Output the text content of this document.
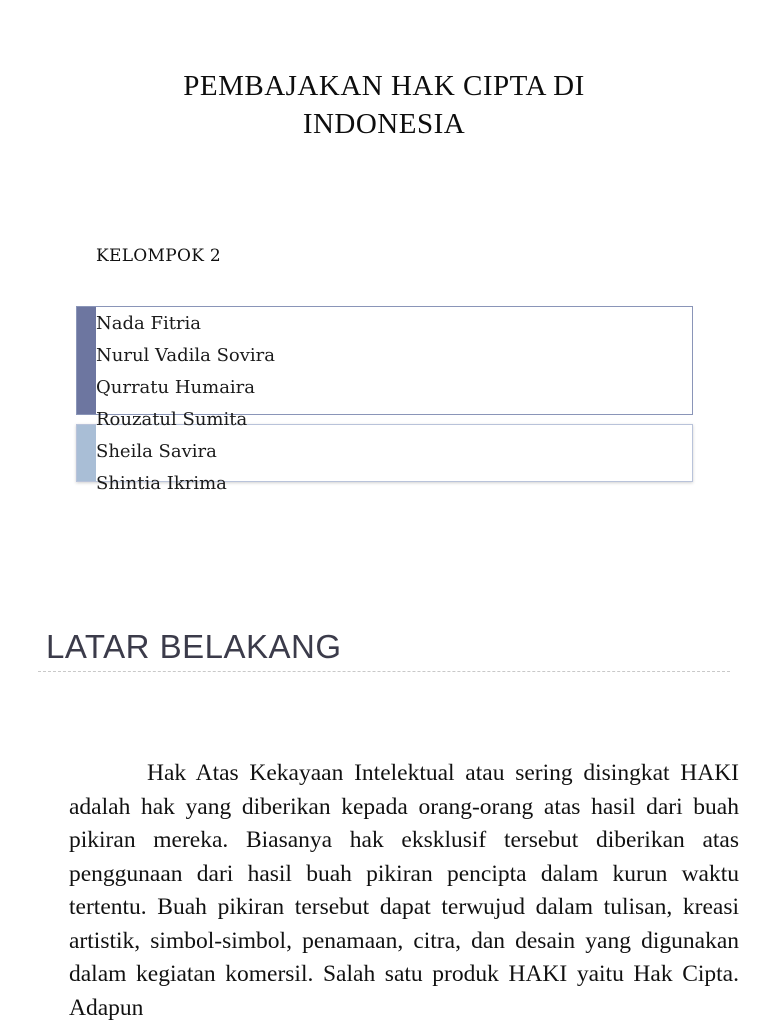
PEMBAJAKAN HAK CIPTA DI
INDONESIA
KELOMPOK 2
Nada Fitria
Nurul Vadila Sovira
Qurratu Humaira
Rouzatul Sumita
Sheila Savira
Shintia Ikrima
LATAR BELAKANG

Hak Atas Kekayaan Intelektual atau sering disingkat HAKI adalah hak yang diberikan kepada orang-orang atas hasil dari buah pikiran mereka. Biasanya hak eksklusif tersebut diberikan atas penggunaan dari hasil buah pikiran pencipta dalam kurun waktu tertentu. Buah pikiran tersebut dapat terwujud dalam tulisan, kreasi artistik, simbol-simbol, penamaan, citra, dan desain yang digunakan dalam kegiatan komersil. Salah satu produk HAKI yaitu Hak Cipta. Adapun
